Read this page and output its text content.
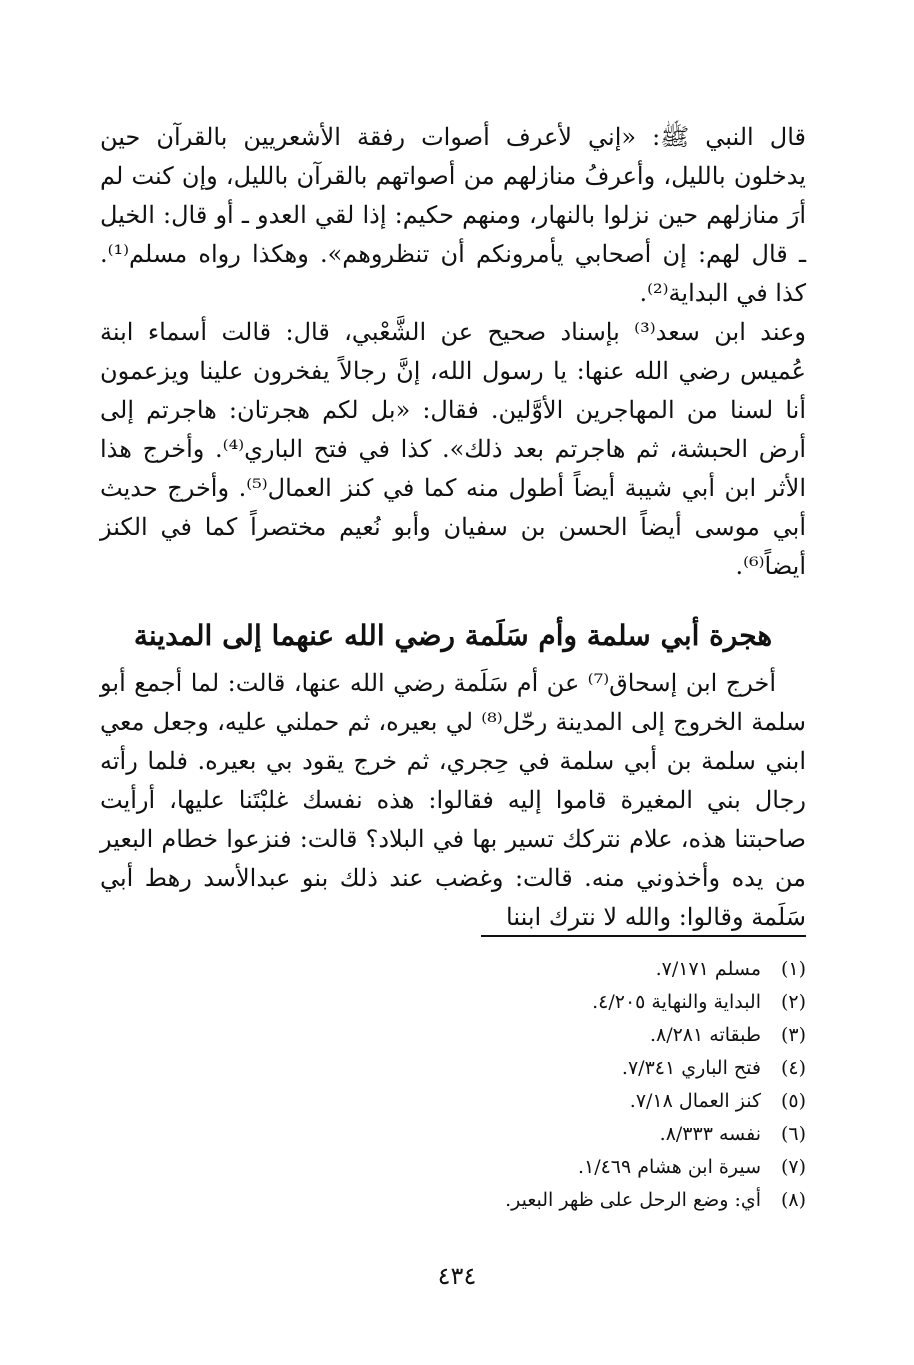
قال النبي ﷺ: «إني لأعرف أصوات رفقة الأشعريين بالقرآن حين يدخلون بالليل، وأعرفُ منازلهم من أصواتهم بالقرآن بالليل، وإن كنت لم أرَ منازلهم حين نزلوا بالنهار، ومنهم حكيم: إذا لقي العدو ـ أو قال: الخيل ـ قال لهم: إن أصحابي يأمرونكم أن تنظروهم». وهكذا رواه مسلم⁽¹⁾. كذا في البداية⁽²⁾.

وعند ابن سعد⁽³⁾ بإسناد صحيح عن الشَّعْبي، قال: قالت أسماء ابنة عُميس رضي الله عنها: يا رسول الله، إنَّ رجالاً يفخرون علينا ويزعمون أنا لسنا من المهاجرين الأوَّلين. فقال: «بل لكم هجرتان: هاجرتم إلى أرض الحبشة، ثم هاجرتم بعد ذلك». كذا في فتح الباري⁽⁴⁾. وأخرج هذا الأثر ابن أبي شيبة أيضاً أطول منه كما في كنز العمال⁽⁵⁾. وأخرج حديث أبي موسى أيضاً الحسن بن سفيان وأبو نُعيم مختصراً كما في الكنز أيضاً⁽⁶⁾.

هجرة أبي سلمة وأم سَلَمة رضي الله عنهما إلى المدينة

أخرج ابن إسحاق⁽⁷⁾ عن أم سَلَمة رضي الله عنها، قالت: لما أجمع أبو سلمة الخروج إلى المدينة رحّل⁽⁸⁾ لي بعيره، ثم حملني عليه، وجعل معي ابني سلمة بن أبي سلمة في حِجري، ثم خرج يقود بي بعيره. فلما رأته رجال بني المغيرة قاموا إليه فقالوا: هذه نفسك غلبْتَنا عليها، أرأيت صاحبتنا هذه، علام نتركك تسير بها في البلاد؟ قالت: فنزعوا خطام البعير من يده وأخذوني منه. قالت: وغضب عند ذلك بنو عبدالأسد رهط أبي سَلَمة وقالوا: والله لا نترك ابننا

(١)
مسلم ٧/١٧١.
(٢)
البداية والنهاية ٤/٢٠٥.
(٣)
طبقاته ٨/٢٨١.
(٤)
فتح الباري ٧/٣٤١.
(٥)
كنز العمال ٧/١٨.
(٦)
نفسه ٨/٣٣٣.
(٧)
سيرة ابن هشام ١/٤٦٩.
(٨)
أي: وضع الرحل على ظهر البعير.
٤٣٤
